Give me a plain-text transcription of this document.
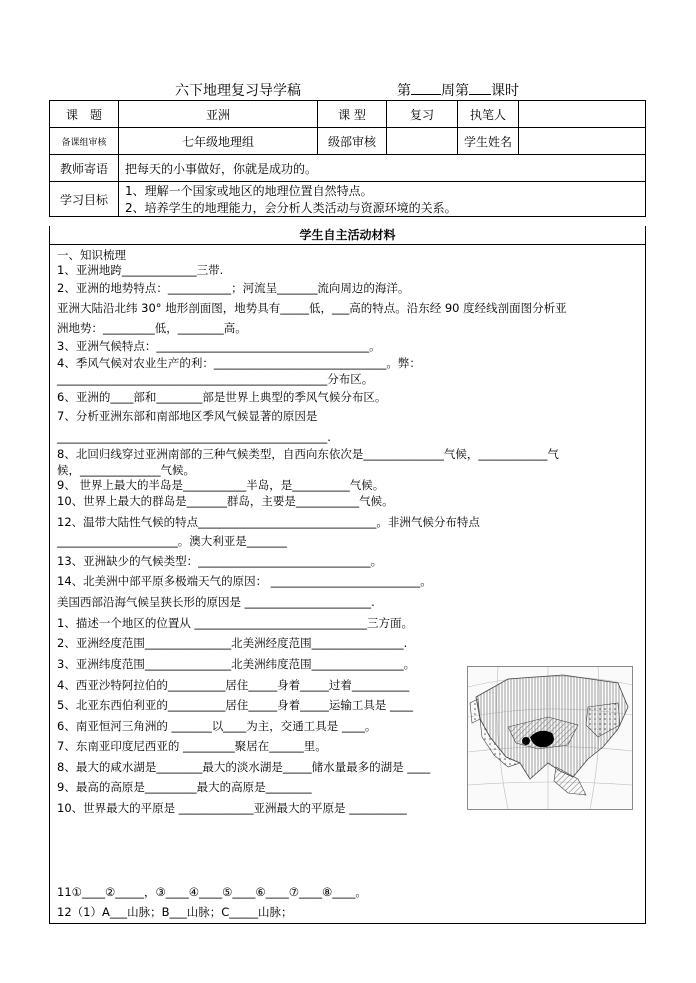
六下地理复习导学稿	第 周第 课时
课　题	亚洲	课 型	复习	执笔人	
备课组审核	七年级地理组	级部审核		学生姓名	
教师寄语	把每天的小事做好，你就是成功的。				
学习目标	1、理解一个国家或地区的地理位置自然特点。
2、培养学生的地理能力，会分析人类活动与资源环境的关系。				
学生自主活动材料
一、知识梳理
1、亚洲地跨_____________三带.
2、亚洲的地势特点：___________；河流呈_______流向周边的海洋。
亚洲大陆沿北纬 30° 地形剖面图，地势具有_____低，___高的特点。沿东经 90 度经线剖面图分析亚
洲地势：_________低，________高。
3、亚洲气候特点：_____________________________________。
4、季风气候对农业生产的利：______________________________。弊：
_______________________________________________分布区。
6、亚洲的____部和________部是世界上典型的季风气候分布区。
7、分析亚洲东部和南部地区季风气候显著的原因是
_______________________________________________.
8、北回归线穿过亚洲南部的三种气候类型，自西向东依次是______________气候，____________气
候，______________气候。
9、 世界上最大的半岛是___________半岛，是__________气候。
10、世界上最大的群岛是_______群岛，主要是___________气候。
12、温带大陆性气候的特点_______________________________。非洲气候分布特点
_____________________。澳大利亚是_______
13、亚洲缺少的气候类型：______________________________。
14、北美洲中部平原多极端天气的原因： __________________________。
美国西部沿海气候呈狭长形的原因是 ______________________.
1、描述一个地区的位置从 ______________________________三方面。
2、亚洲经度范围_______________北美洲经度范围________________.
3、亚洲纬度范围_______________北美洲纬度范围________________。
4、西亚沙特阿拉伯的__________居住_____身着_____过着__________
5、北亚东西伯利亚的__________居住_____身着_____运输工具是 ____
6、南亚恒河三角洲的 _______以____为主，交通工具是 ____。
7、东南亚印度尼西亚的 _________聚居在______里。
8、最大的咸水湖是________最大的淡水湖是_____储水量最多的湖是 ____
9、最高的高原是_________最大的高原是________
10、世界最大的平原是 _____________亚洲最大的平原是 __________
11①____②_____，③____④____⑤____⑥____⑦____⑧____。
12（1）A___山脉；B___山脉；C_____山脉；
